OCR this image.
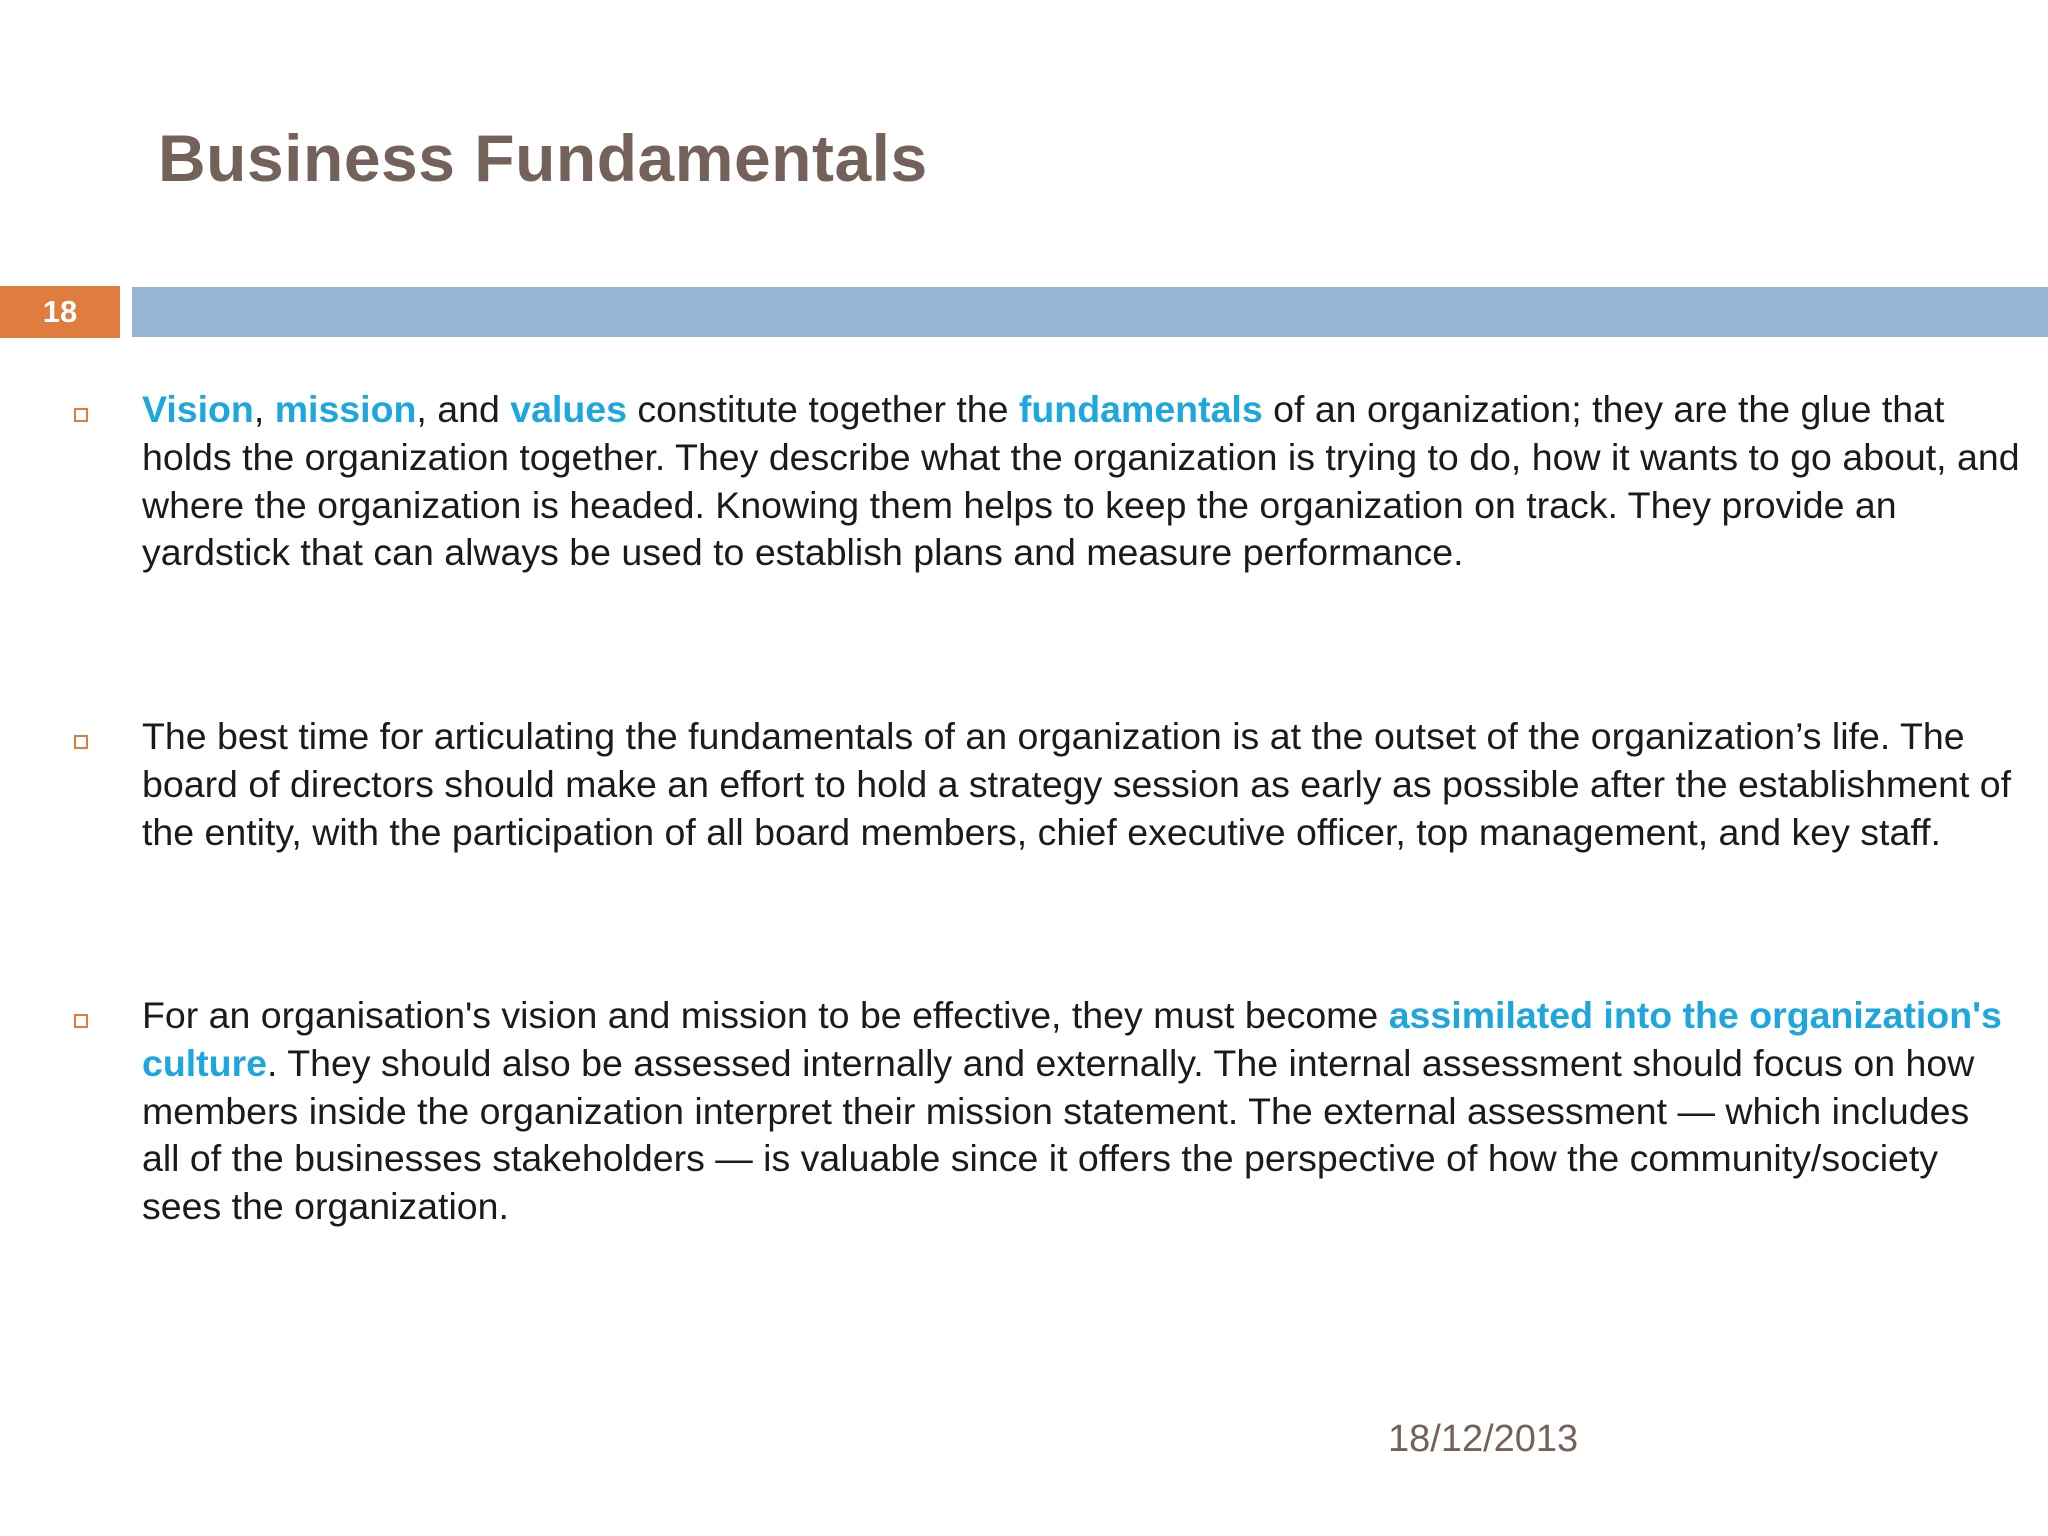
Business Fundamentals
18
Vision, mission, and values constitute together the fundamentals of an organization; they are the glue that holds the organization together. They describe what the organization is trying to do, how it wants to go about, and where the organization is headed. Knowing them helps to keep the organization on track. They provide an yardstick that can always be used to establish plans and measure performance.
The best time for articulating the fundamentals of an organization is at the outset of the organization’s life. The board of directors should make an effort to hold a strategy session as early as possible after the establishment of the entity, with the participation of all board members, chief executive officer, top management, and key staff.
For an organisation's vision and mission to be effective, they must become assimilated into the organization's culture. They should also be assessed internally and externally. The internal assessment should focus on how members inside the organization interpret their mission statement. The external assessment — which includes all of the businesses stakeholders — is valuable since it offers the perspective of how the community/society sees the organization.
18/12/2013
